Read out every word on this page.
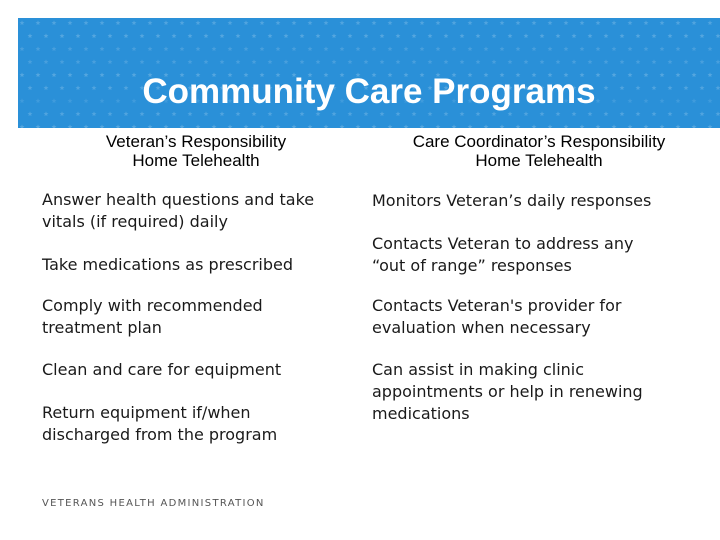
Community Care Programs
Veteran’s Responsibility
Home Telehealth
Care Coordinator’s Responsibility
Home Telehealth
Answer health questions and take
vitals (if required) daily
Take medications as prescribed
Comply with recommended
treatment plan
Clean and care for equipment
Return equipment if/when
discharged from the program
Monitors Veteran’s daily responses
Contacts Veteran to address any
“out of range” responses
Contacts Veteran's provider for
evaluation when necessary
Can assist in making clinic
appointments or help in renewing
medications
VETERANS HEALTH ADMINISTRATION
